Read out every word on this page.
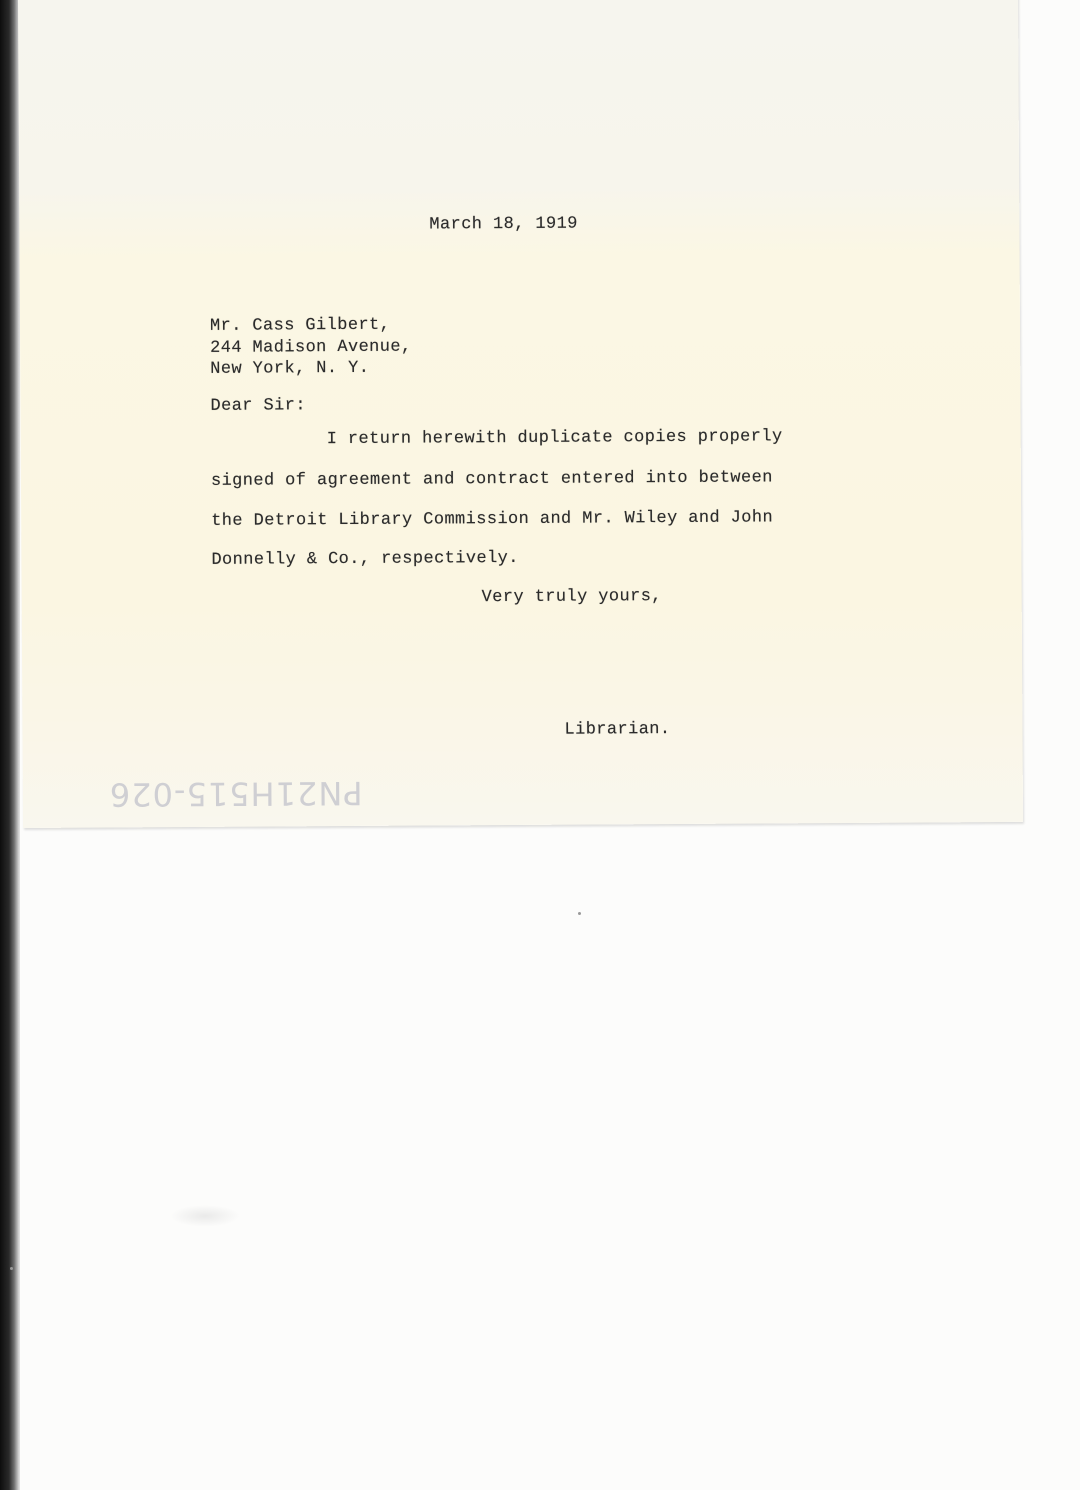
March 18, 1919
Mr. Cass Gilbert,
244 Madison Avenue,
New York, N. Y.
Dear Sir:
I return herewith duplicate copies properly
signed of agreement and contract entered into between
the Detroit Library Commission and Mr. Wiley and John
Donnelly & Co., respectively.
Very truly yours,
Librarian.
PN21H515-026
